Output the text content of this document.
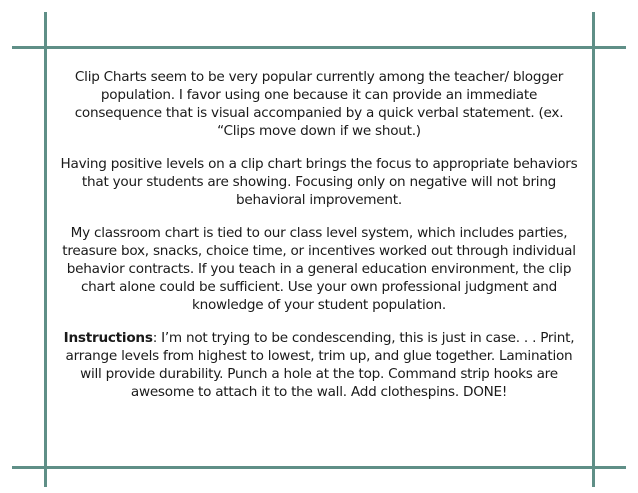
Clip Charts seem to be very popular currently among the teacher/ blogger population. I favor using one because it can provide an immediate consequence that is visual accompanied by a quick verbal statement. (ex. “Clips move down if we shout.)

Having positive levels on a clip chart brings the focus to appropriate behaviors that your students are showing. Focusing only on negative will not bring behavioral improvement.

My classroom chart is tied to our class level system, which includes parties, treasure box, snacks, choice time, or incentives worked out through individual behavior contracts. If you teach in a general education environment, the clip chart alone could be sufficient. Use your own professional judgment and knowledge of your student population.

Instructions: I’m not trying to be condescending, this is just in case. . . Print, arrange levels from highest to lowest, trim up, and glue together. Lamination will provide durability. Punch a hole at the top. Command strip hooks are awesome to attach it to the wall. Add clothespins. DONE!
